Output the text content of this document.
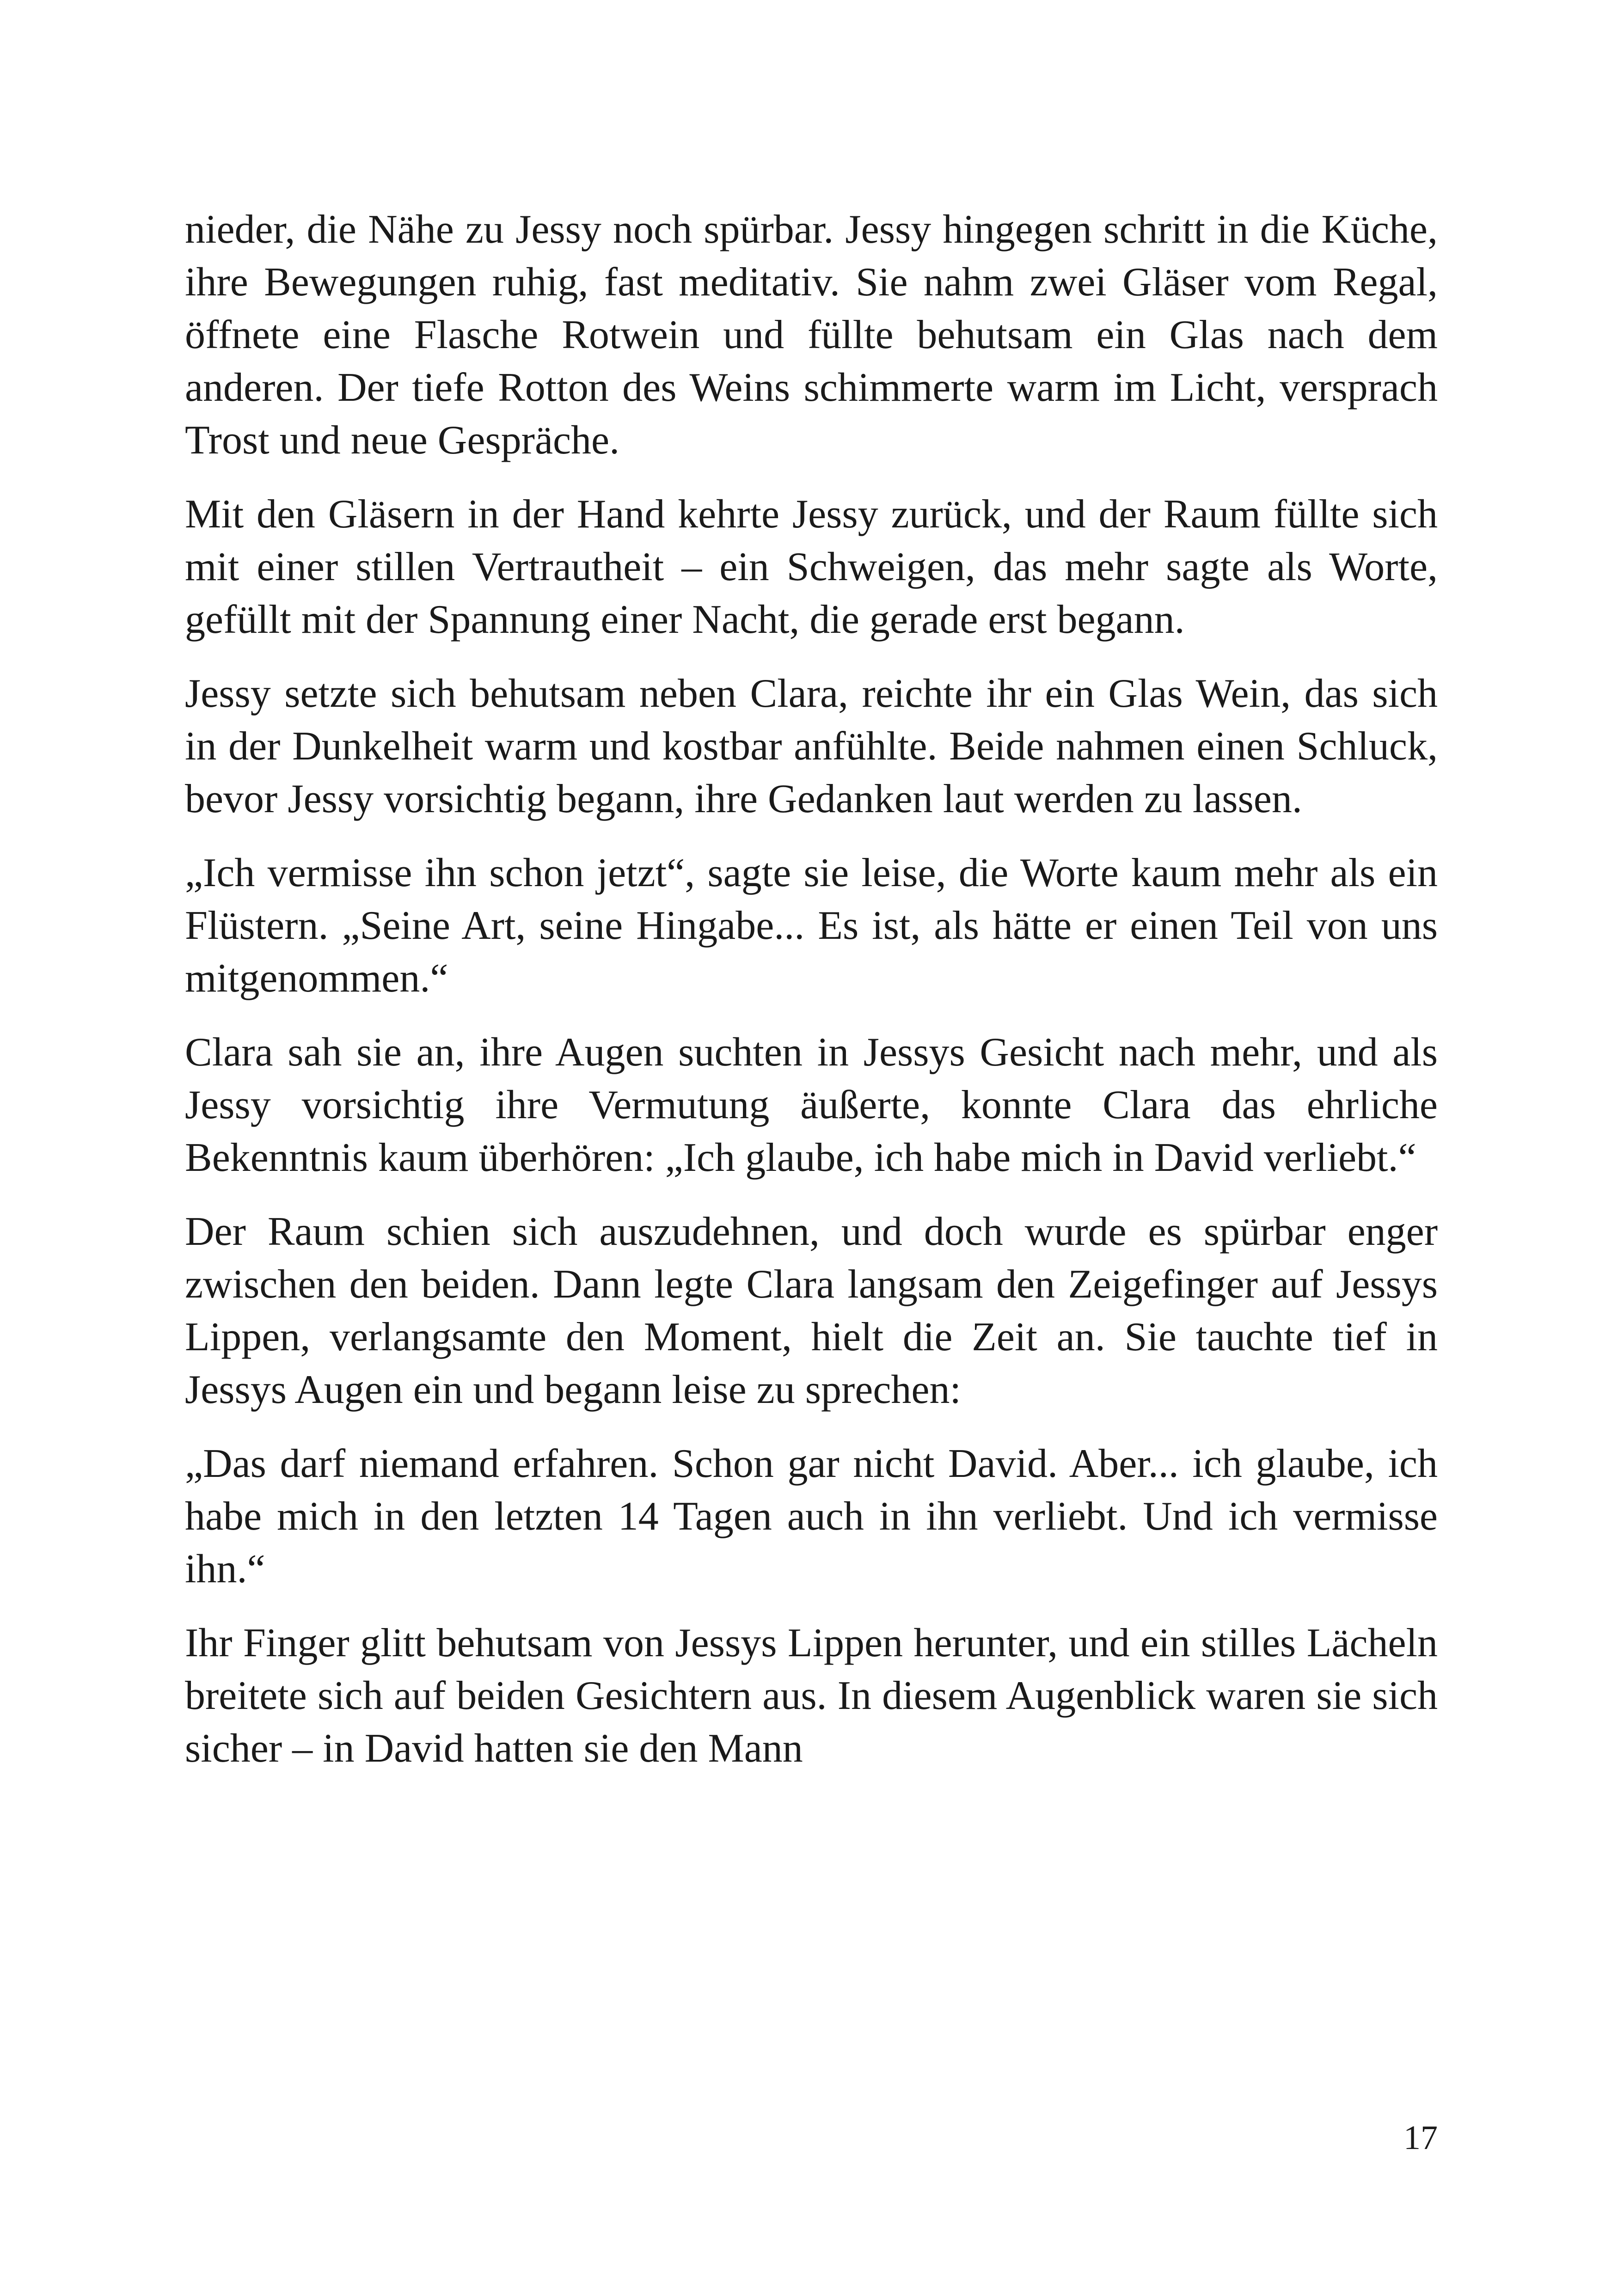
nieder, die Nähe zu Jessy noch spürbar. Jessy hingegen schritt in die Küche, ihre Bewegungen ruhig, fast meditativ. Sie nahm zwei Gläser vom Regal, öffnete eine Flasche Rotwein und füllte behutsam ein Glas nach dem anderen. Der tiefe Rotton des Weins schimmerte warm im Licht, versprach Trost und neue Gespräche.

Mit den Gläsern in der Hand kehrte Jessy zurück, und der Raum füllte sich mit einer stillen Vertrautheit – ein Schweigen, das mehr sagte als Worte, gefüllt mit der Spannung einer Nacht, die gerade erst begann.

Jessy setzte sich behutsam neben Clara, reichte ihr ein Glas Wein, das sich in der Dunkelheit warm und kostbar anfühlte. Beide nahmen einen Schluck, bevor Jessy vorsichtig begann, ihre Gedanken laut werden zu lassen.

„Ich vermisse ihn schon jetzt“, sagte sie leise, die Worte kaum mehr als ein Flüstern. „Seine Art, seine Hingabe... Es ist, als hätte er einen Teil von uns mitgenommen.“

Clara sah sie an, ihre Augen suchten in Jessys Gesicht nach mehr, und als Jessy vorsichtig ihre Vermutung äußerte, konnte Clara das ehrliche Bekenntnis kaum überhören: „Ich glaube, ich habe mich in David verliebt.“

Der Raum schien sich auszudehnen, und doch wurde es spürbar enger zwischen den beiden. Dann legte Clara langsam den Zeigefinger auf Jessys Lippen, verlangsamte den Moment, hielt die Zeit an. Sie tauchte tief in Jessys Augen ein und begann leise zu sprechen:

„Das darf niemand erfahren. Schon gar nicht David. Aber... ich glaube, ich habe mich in den letzten 14 Tagen auch in ihn verliebt. Und ich vermisse ihn.“

Ihr Finger glitt behutsam von Jessys Lippen herunter, und ein stilles Lächeln breitete sich auf beiden Gesichtern aus. In diesem Augenblick waren sie sich sicher – in David hatten sie den Mann

17
